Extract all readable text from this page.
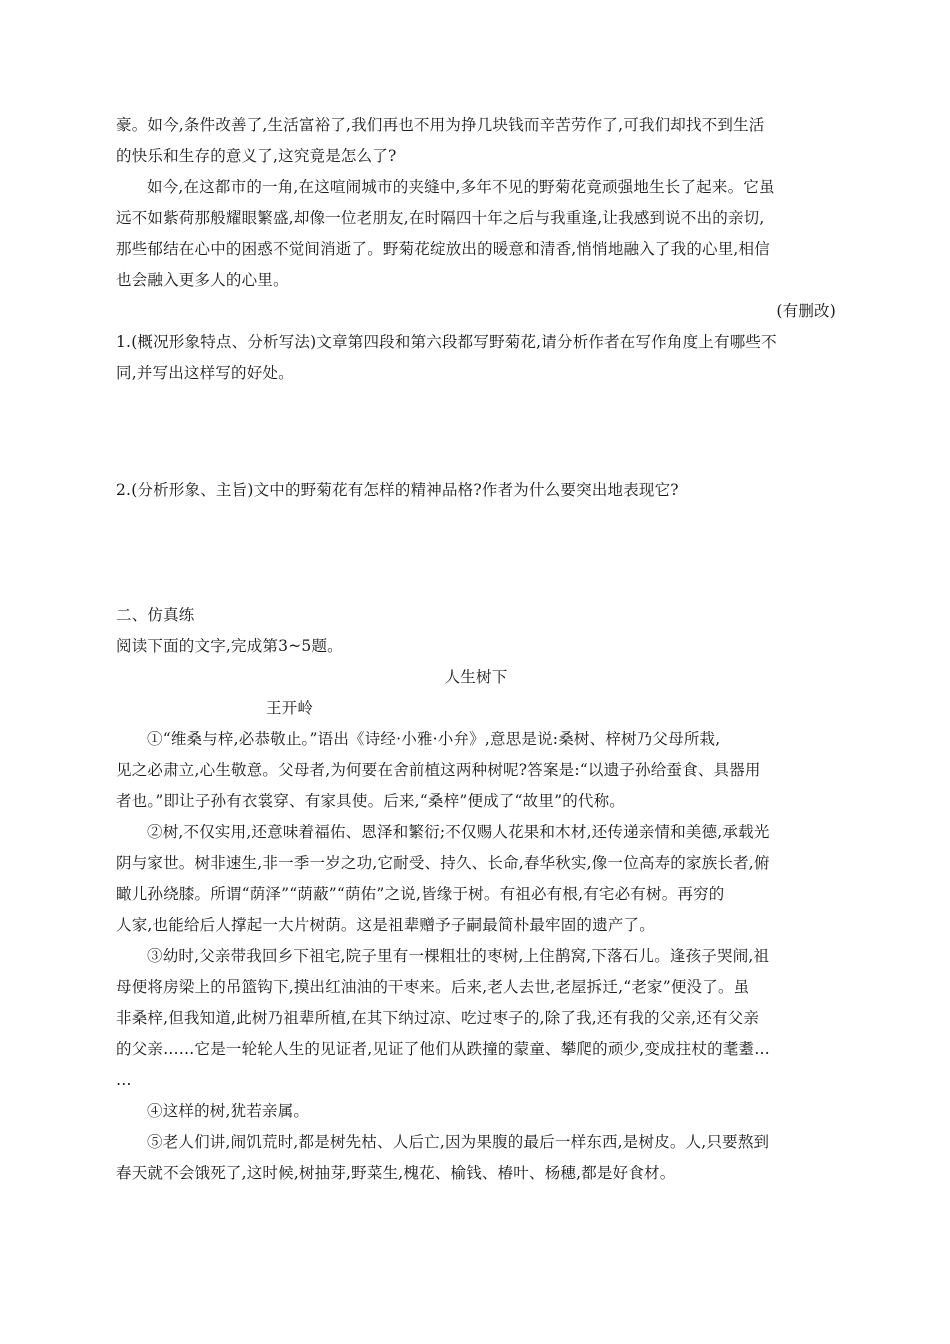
豪。如今,条件改善了,生活富裕了,我们再也不用为挣几块钱而辛苦劳作了,可我们却找不到生活
的快乐和生存的意义了,这究竟是怎么了?
如今,在这都市的一角,在这喧闹城市的夹缝中,多年不见的野菊花竟顽强地生长了起来。它虽
远不如紫荷那般耀眼繁盛,却像一位老朋友,在时隔四十年之后与我重逢,让我感到说不出的亲切,
那些郁结在心中的困惑不觉间消逝了。野菊花绽放出的暖意和清香,悄悄地融入了我的心里,相信
也会融入更多人的心里。
(有删改)
1.(概况形象特点、分析写法)文章第四段和第六段都写野菊花,请分析作者在写作角度上有哪些不
同,并写出这样写的好处。
2.(分析形象、主旨)文中的野菊花有怎样的精神品格?作者为什么要突出地表现它?
二、仿真练
阅读下面的文字,完成第3~5题。
人生树下
王开岭
①“维桑与梓,必恭敬止。”语出《诗经·小雅·小弁》,意思是说:桑树、梓树乃父母所栽,
见之必肃立,心生敬意。父母者,为何要在舍前植这两种树呢?答案是:“以遗子孙给蚕食、具器用
者也。”即让子孙有衣裳穿、有家具使。后来,“桑梓”便成了“故里”的代称。
②树,不仅实用,还意味着福佑、恩泽和繁衍;不仅赐人花果和木材,还传递亲情和美德,承载光
阴与家世。树非速生,非一季一岁之功,它耐受、持久、长命,春华秋实,像一位高寿的家族长者,俯
瞰儿孙绕膝。所谓“荫泽”“荫蔽”“荫佑”之说,皆缘于树。有祖必有根,有宅必有树。再穷的
人家,也能给后人撑起一大片树荫。这是祖辈赠予子嗣最简朴最牢固的遗产了。
③幼时,父亲带我回乡下祖宅,院子里有一棵粗壮的枣树,上住鹊窝,下落石儿。逢孩子哭闹,祖
母便将房梁上的吊篮钩下,摸出红油油的干枣来。后来,老人去世,老屋拆迁,“老家”便没了。虽
非桑梓,但我知道,此树乃祖辈所植,在其下纳过凉、吃过枣子的,除了我,还有我的父亲,还有父亲
的父亲……它是一轮轮人生的见证者,见证了他们从跌撞的蒙童、攀爬的顽少,变成拄杖的耄耋…
…
④这样的树,犹若亲属。
⑤老人们讲,闹饥荒时,都是树先枯、人后亡,因为果腹的最后一样东西,是树皮。人,只要熬到
春天就不会饿死了,这时候,树抽芽,野菜生,槐花、榆钱、椿叶、杨穗,都是好食材。
